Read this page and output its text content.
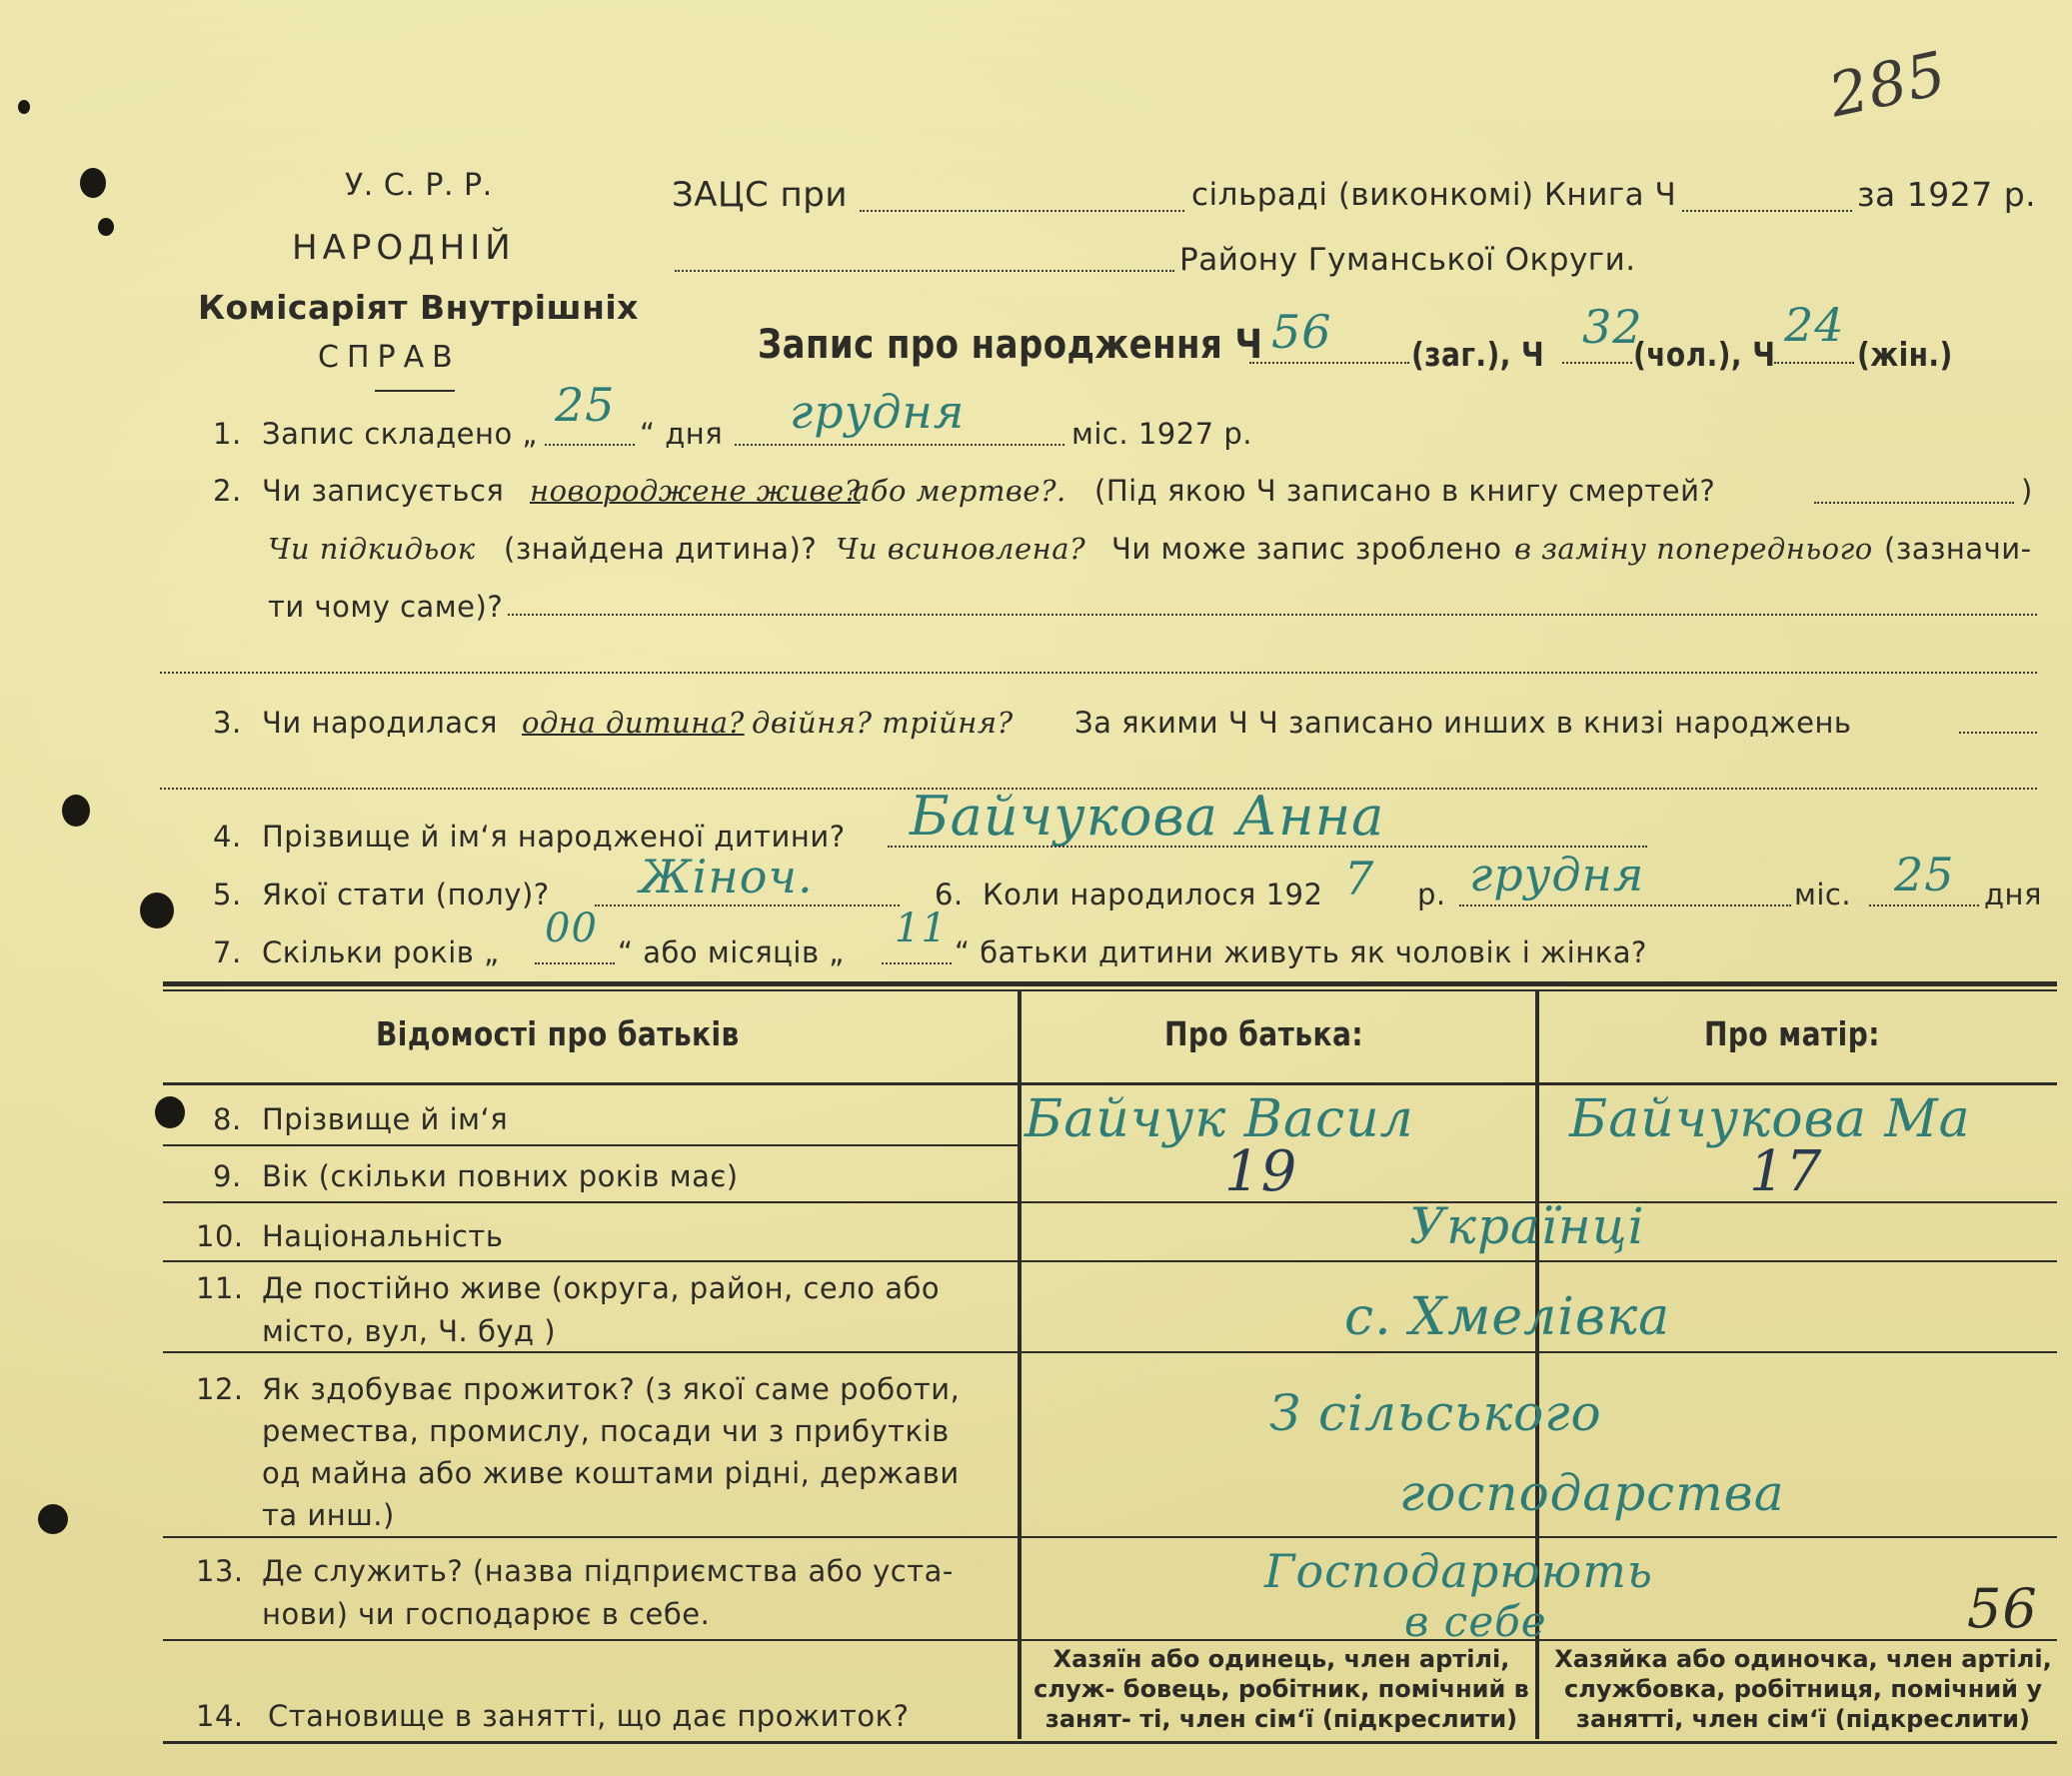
285
У. С. Р. Р.
НАРОДНІЙ
Комісаріят Внутрішніх
СПРАВ
ЗАЦС при	сільраді (виконкомі) Книга Ч	за 1927 р.
Району Гуманської Округи.
Запис про народження Ч 56 (заг.), Ч
32
(чол.), Ч
24
(жін.)
1. Запис складено „
25
“ дня грудня	міс. 1927 р.
2. Чи записується новороджене живе?
або мертве?. (Під якою Ч записано в книгу смертей?	)
Чи підкидьок (знайдена дитина)? Чи всиновлена? Чи може запис зроблено в заміну попереднього (зазначи-
ти чому саме)?
3. Чи народилася одна дитина? двійня? трійня? За якими Ч Ч записано инших в книзі народжень
4. Прізвище й ім‘я народженої дитини? Байчукова Анна
5. Якої стати (полу)? Жіноч.	6. Коли народилося 192 7 р. грудня	міс. 25 дня
7. Скільки років „
00
“ або місяців „
11
“ батьки дитини живуть як чоловік і жінка?
Відомості про батьків	Про батька:	Про матір:
8. Прізвище й ім‘я	Байчук Васил	Байчукова Ма
9. Вік (скільки повних років має)	19	17
10. Національність	Українці
11. Де постійно живе (округа, район, село або
місто, вул, Ч. буд )	с. Хмелівка
12. Як здобуває прожиток? (з якої саме роботи,
ремества, промислу, посади чи з прибутків
од майна або живе коштами рідні, держави
та инш.)
З сільського
господарства
13. Де служить? (назва підприємства або уста-
нови) чи господарює в себе.
Господарюють
в себе	56
14. Становище в занятті, що дає прожиток?
Хазяїн або одинець, член артілі, служ- бовець, робітник, помічний в занят- ті, член сім‘ї (підкреслити)
Хазяйка або одиночка, член артілі, службовка, робітниця, помічний у занятті, член сім‘ї (підкреслити)
